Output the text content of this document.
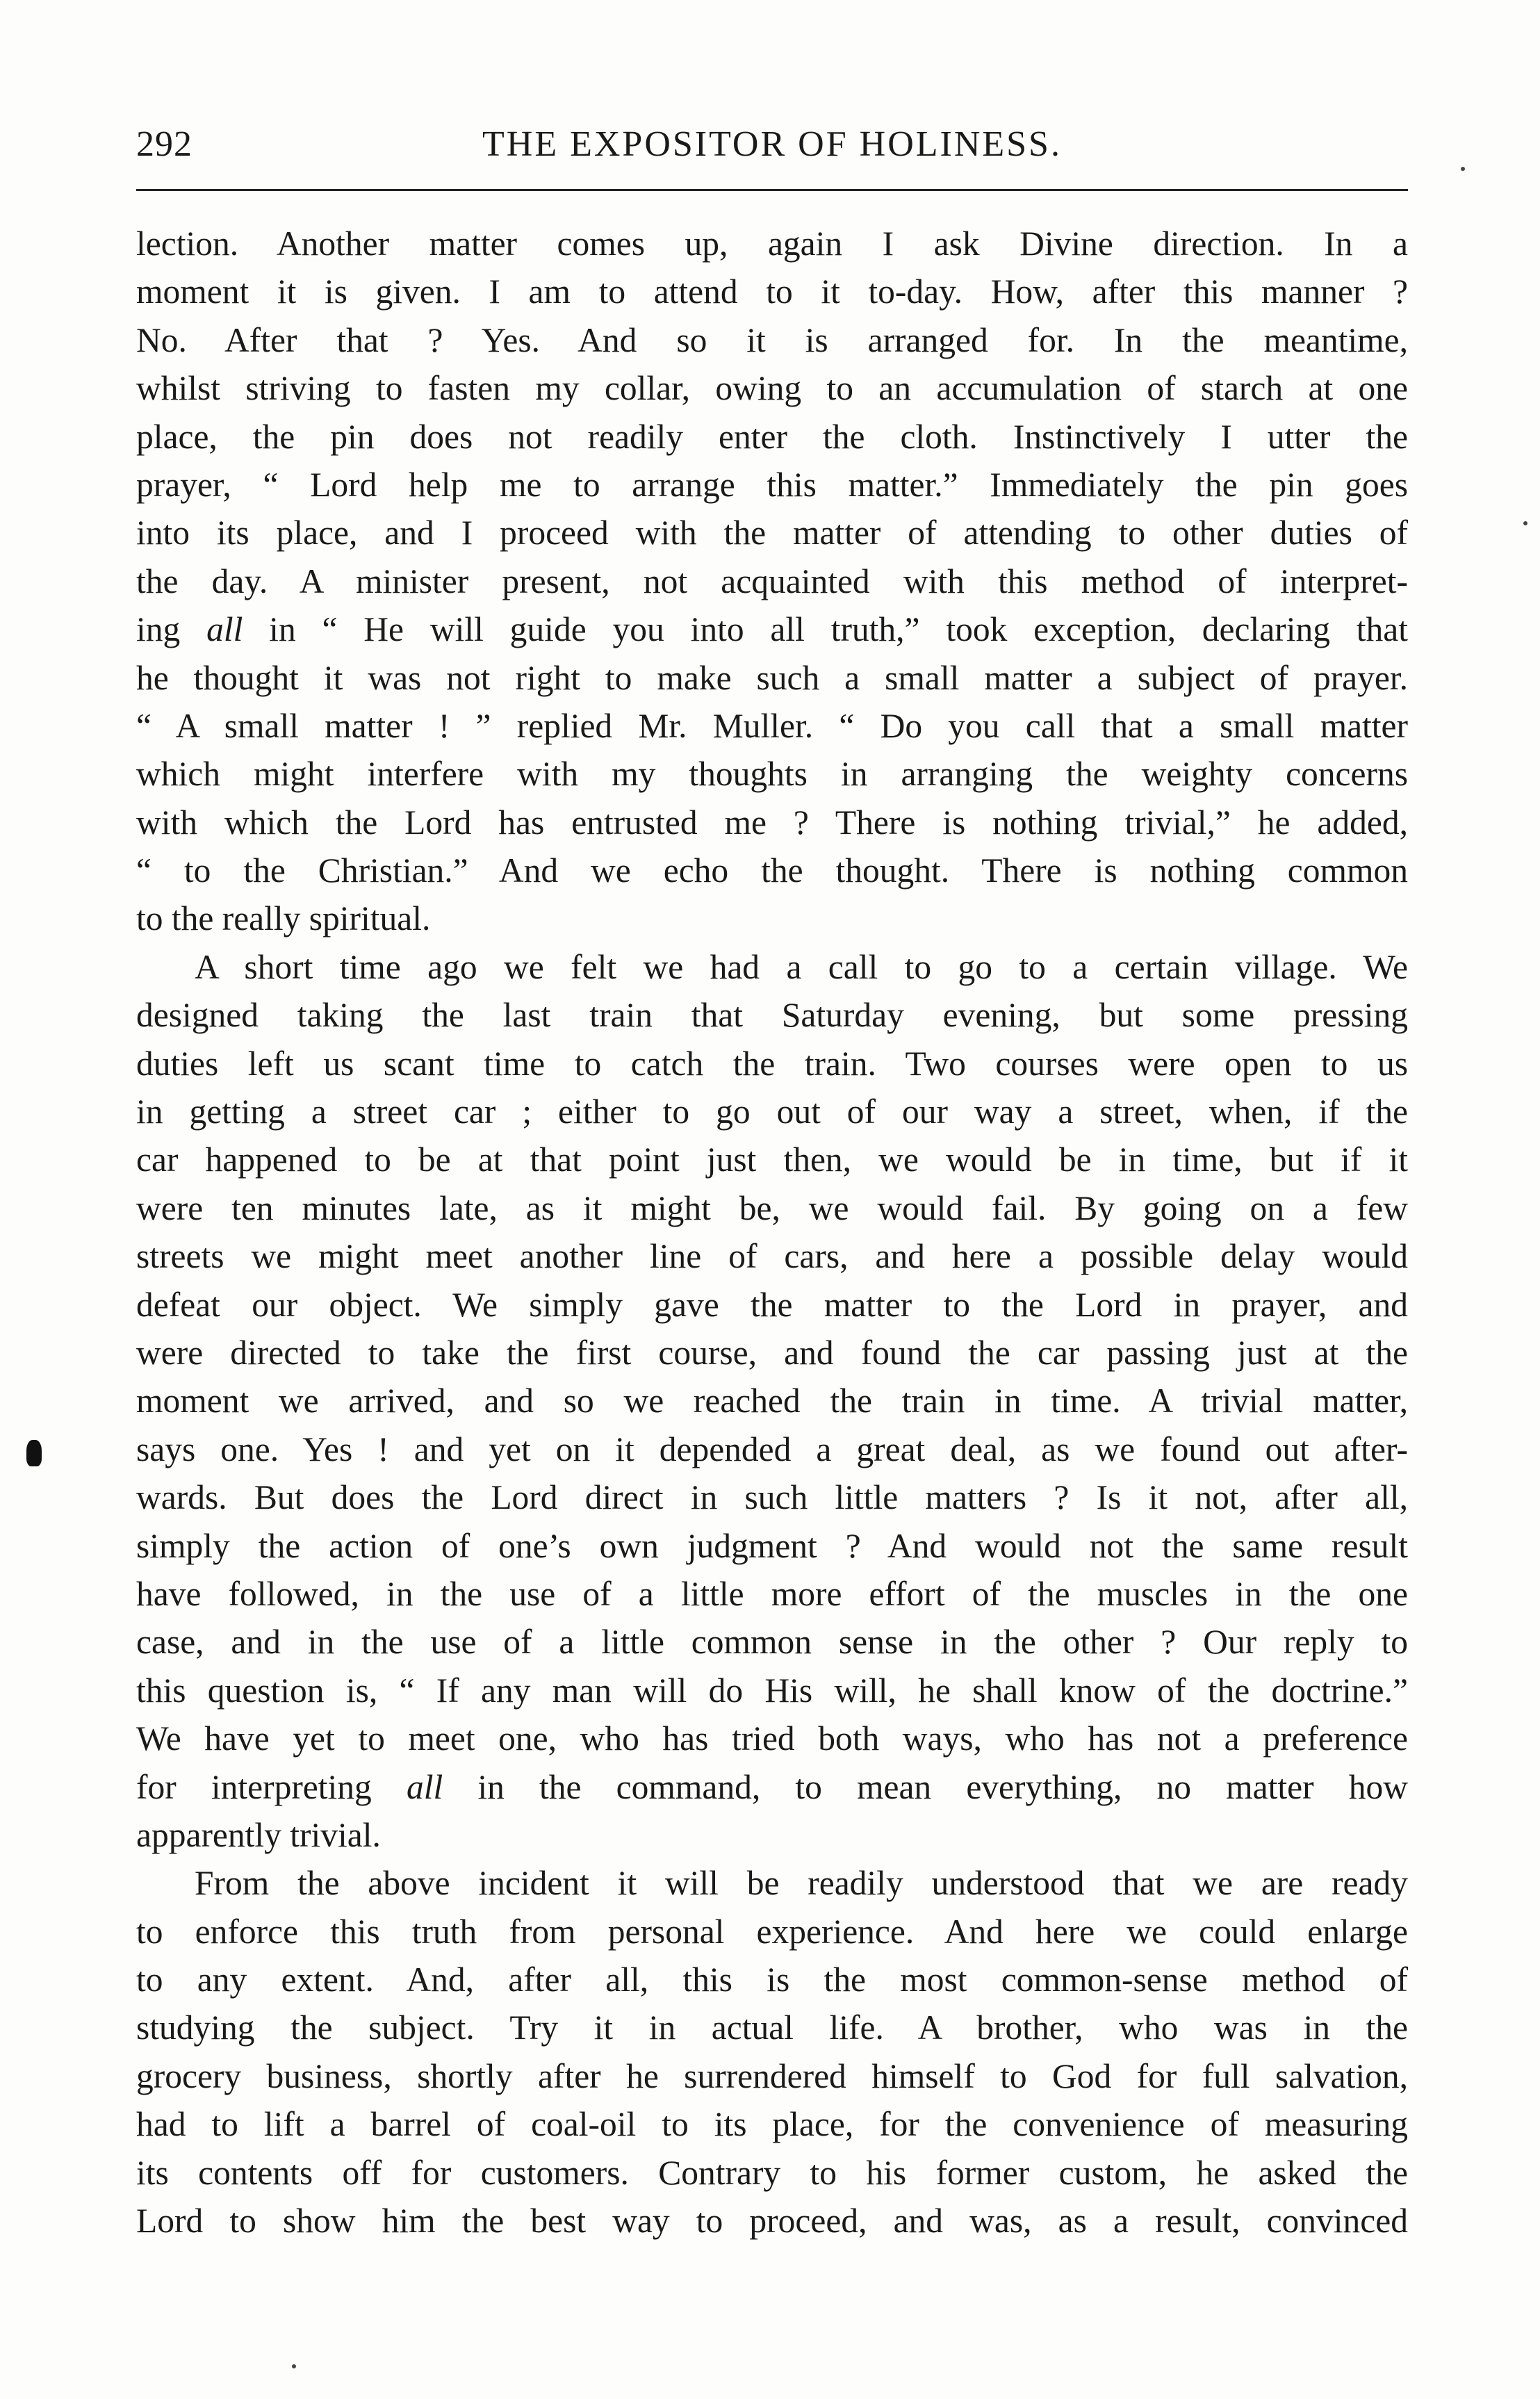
292	THE EXPOSITOR OF HOLINESS.
lection. Another matter comes up, again I ask Divine direction. In a
moment it is given. I am to attend to it to-day. How, after this manner ?
No. After that ? Yes. And so it is arranged for. In the meantime,
whilst striving to fasten my collar, owing to an accumulation of starch at one
place, the pin does not readily enter the cloth. Instinctively I utter the
prayer, “ Lord help me to arrange this matter.” Immediately the pin goes
into its place, and I proceed with the matter of attending to other duties of
the day. A minister present, not acquainted with this method of interpret-
ing all in “ He will guide you into all truth,” took exception, declaring that
he thought it was not right to make such a small matter a subject of prayer.
“ A small matter ! ” replied Mr. Muller. “ Do you call that a small matter
which might interfere with my thoughts in arranging the weighty concerns
with which the Lord has entrusted me ? There is nothing trivial,” he added,
“ to the Christian.” And we echo the thought. There is nothing common
to the really spiritual.
A short time ago we felt we had a call to go to a certain village. We
designed taking the last train that Saturday evening, but some pressing
duties left us scant time to catch the train. Two courses were open to us
in getting a street car ; either to go out of our way a street, when, if the
car happened to be at that point just then, we would be in time, but if it
were ten minutes late, as it might be, we would fail. By going on a few
streets we might meet another line of cars, and here a possible delay would
defeat our object. We simply gave the matter to the Lord in prayer, and
were directed to take the first course, and found the car passing just at the
moment we arrived, and so we reached the train in time. A trivial matter,
says one. Yes ! and yet on it depended a great deal, as we found out after-
wards. But does the Lord direct in such little matters ? Is it not, after all,
simply the action of one’s own judgment ? And would not the same result
have followed, in the use of a little more effort of the muscles in the one
case, and in the use of a little common sense in the other ? Our reply to
this question is, “ If any man will do His will, he shall know of the doctrine.”
We have yet to meet one, who has tried both ways, who has not a preference
for interpreting all in the command, to mean everything, no matter how
apparently trivial.
From the above incident it will be readily understood that we are ready
to enforce this truth from personal experience. And here we could enlarge
to any extent. And, after all, this is the most common-sense method of
studying the subject. Try it in actual life. A brother, who was in the
grocery business, shortly after he surrendered himself to God for full salvation,
had to lift a barrel of coal-oil to its place, for the convenience of measuring
its contents off for customers. Contrary to his former custom, he asked the
Lord to show him the best way to proceed, and was, as a result, convinced
